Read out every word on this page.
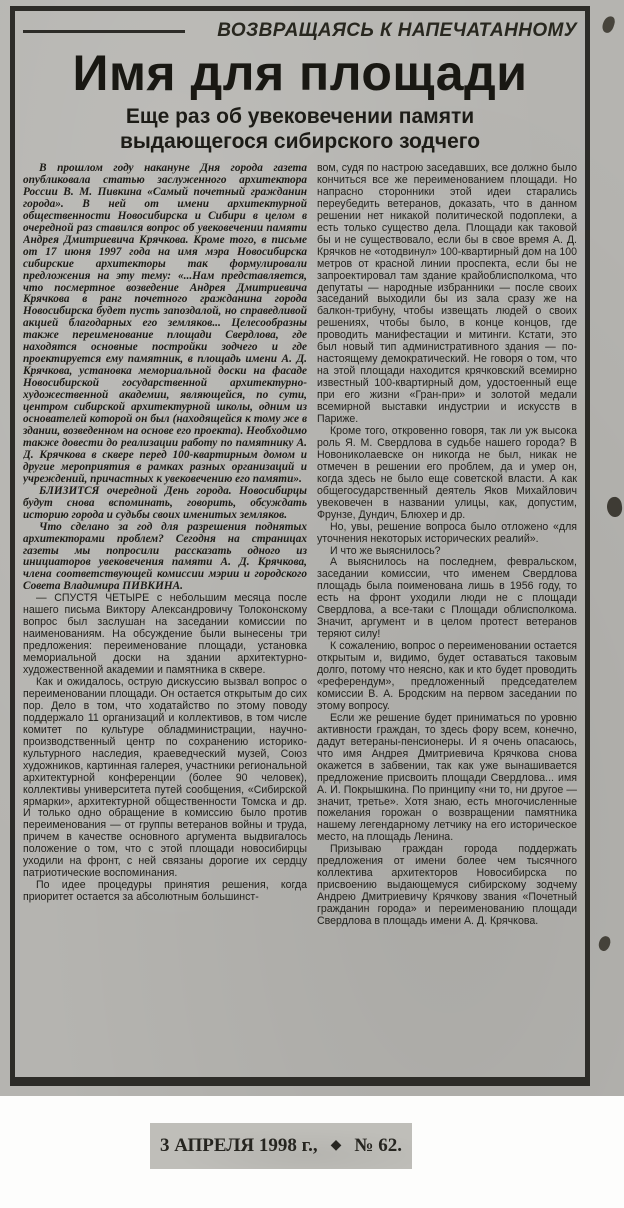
ВОЗВРАЩАЯСЬ К НАПЕЧАТАННОМУ
Имя для площади
Еще раз об увековечении памяти
выдающегося сибирского зодчего

В прошлом году накануне Дня города газета опубликовала статью заслуженного архитектора России В. М. Пивкина «Самый почетный гражданин города». В ней от имени архитектурной общественности Новосибирска и Сибири в целом в очередной раз ставился вопрос об увековечении памяти Андрея Дмитриевича Крячкова. Кроме того, в письме от 17 июня 1997 года на имя мэра Новосибирска сибирские архитекторы так формулировали предложения на эту тему: «...Нам представляется, что посмертное возведение Андрея Дмитриевича Крячкова в ранг почетного гражданина города Новосибирска будет пусть запоздалой, но справедливой акцией благодарных его земляков... Целесообразны также переименование площади Свердлова, где находятся основные постройки зодчего и где проектируется ему памятник, в площадь имени А. Д. Крячкова, установка мемориальной доски на фасаде Новосибирской государственной архитектурно-художественной академии, являющейся, по сути, центром сибирской архитектурной школы, одним из основателей которой он был (находящейся к тому же в здании, возведенном на основе его проекта). Необходимо также довести до реализации работу по памятнику А. Д. Крячкова в сквере перед 100-квартирным домом и другие мероприятия в рамках разных организаций и учреждений, причастных к увековечению его памяти».

БЛИЗИТСЯ очередной День города. Новосибирцы будут снова вспоминать, говорить, обсуждать историю города и судьбы своих именитых земляков.

Что сделано за год для разрешения поднятых архитекторами проблем? Сегодня на страницах газеты мы попросили рассказать одного из инициаторов увековечения памяти А. Д. Крячкова, члена соответствующей комиссии мэрии и городского Совета Владимира ПИВКИНА.

— СПУСТЯ ЧЕТЫРЕ с небольшим месяца после нашего письма Виктору Александровичу Толоконскому вопрос был заслушан на заседании комиссии по наименованиям. На обсуждение были вынесены три предложения: переименование площади, установка мемориальной доски на здании архитектурно-художественной академии и памятника в сквере.

Как и ожидалось, острую дискуссию вызвал вопрос о переименовании площади. Он остается открытым до сих пор. Дело в том, что ходатайство по этому поводу поддержало 11 организаций и коллективов, в том числе комитет по культуре обладминистрации, научно-производственный центр по сохранению историко-культурного наследия, краеведческий музей, Союз художников, картинная галерея, участники региональной архитектурной конференции (более 90 человек), коллективы университета путей сообщения, «Сибирской ярмарки», архитектурной общественности Томска и др. И только одно обращение в комиссию было против переименования — от группы ветеранов войны и труда, причем в качестве основного аргумента выдвигалось положение о том, что с этой площади новосибирцы уходили на фронт, с ней связаны дорогие их сердцу патриотические воспоминания.

По идее процедуры принятия решения, когда приоритет остается за абсолютным большинст-

вом, судя по настрою заседавших, все должно было кончиться все же переименованием площади. Но напрасно сторонники этой идеи старались переубедить ветеранов, доказать, что в данном решении нет никакой политической подоплеки, а есть только существо дела. Площади как таковой бы и не существовало, если бы в свое время А. Д. Крячков не «отодвинул» 100-квартирный дом на 100 метров от красной линии проспекта, если бы не запроектировал там здание крайоблисполкома, что депутаты — народные избранники — после своих заседаний выходили бы из зала сразу же на балкон-трибуну, чтобы извещать людей о своих решениях, чтобы было, в конце концов, где проводить манифестации и митинги. Кстати, это был новый тип административного здания — по-настоящему демократический. Не говоря о том, что на этой площади находится крячковский всемирно известный 100-квартирный дом, удостоенный еще при его жизни «Гран-при» и золотой медали всемирной выставки индустрии и искусств в Париже.

Кроме того, откровенно говоря, так ли уж высока роль Я. М. Свердлова в судьбе нашего города? В Новониколаевске он никогда не был, никак не отмечен в решении его проблем, да и умер он, когда здесь не было еще советской власти. А как общегосударственный деятель Яков Михайлович увековечен в названии улицы, как, допустим, Фрунзе, Дундич, Блюхер и др.

Но, увы, решение вопроса было отложено «для уточнения некоторых исторических реалий».

И что же выяснилось?

А выяснилось на последнем, февральском, заседании комиссии, что именем Свердлова площадь была поименована лишь в 1956 году, то есть на фронт уходили люди не с площади Свердлова, а все-таки с Площади облисполкома. Значит, аргумент и в целом протест ветеранов теряют силу!

К сожалению, вопрос о переименовании остается открытым и, видимо, будет оставаться таковым долго, потому что неясно, как и кто будет проводить «референдум», предложенный председателем комиссии В. А. Бродским на первом заседании по этому вопросу.

Если же решение будет приниматься по уровню активности граждан, то здесь фору всем, конечно, дадут ветераны-пенсионеры. И я очень опасаюсь, что имя Андрея Дмитриевича Крячкова снова окажется в забвении, так как уже вынашивается предложение присвоить площади Свердлова... имя А. И. Покрышкина. По принципу «ни то, ни другое — значит, третье». Хотя знаю, есть многочисленные пожелания горожан о возвращении памятника нашему легендарному летчику на его историческое место, на площадь Ленина.

Призываю граждан города поддержать предложения от имени более чем тысячного коллектива архитекторов Новосибирска по присвоению выдающемуся сибирскому зодчему Андрею Дмитриевичу Крячкову звания «Почетный гражданин города» и переименованию площади Свердлова в площадь имени А. Д. Крячкова.

3 АПРЕЛЯ 1998 г., ◆ № 62.
